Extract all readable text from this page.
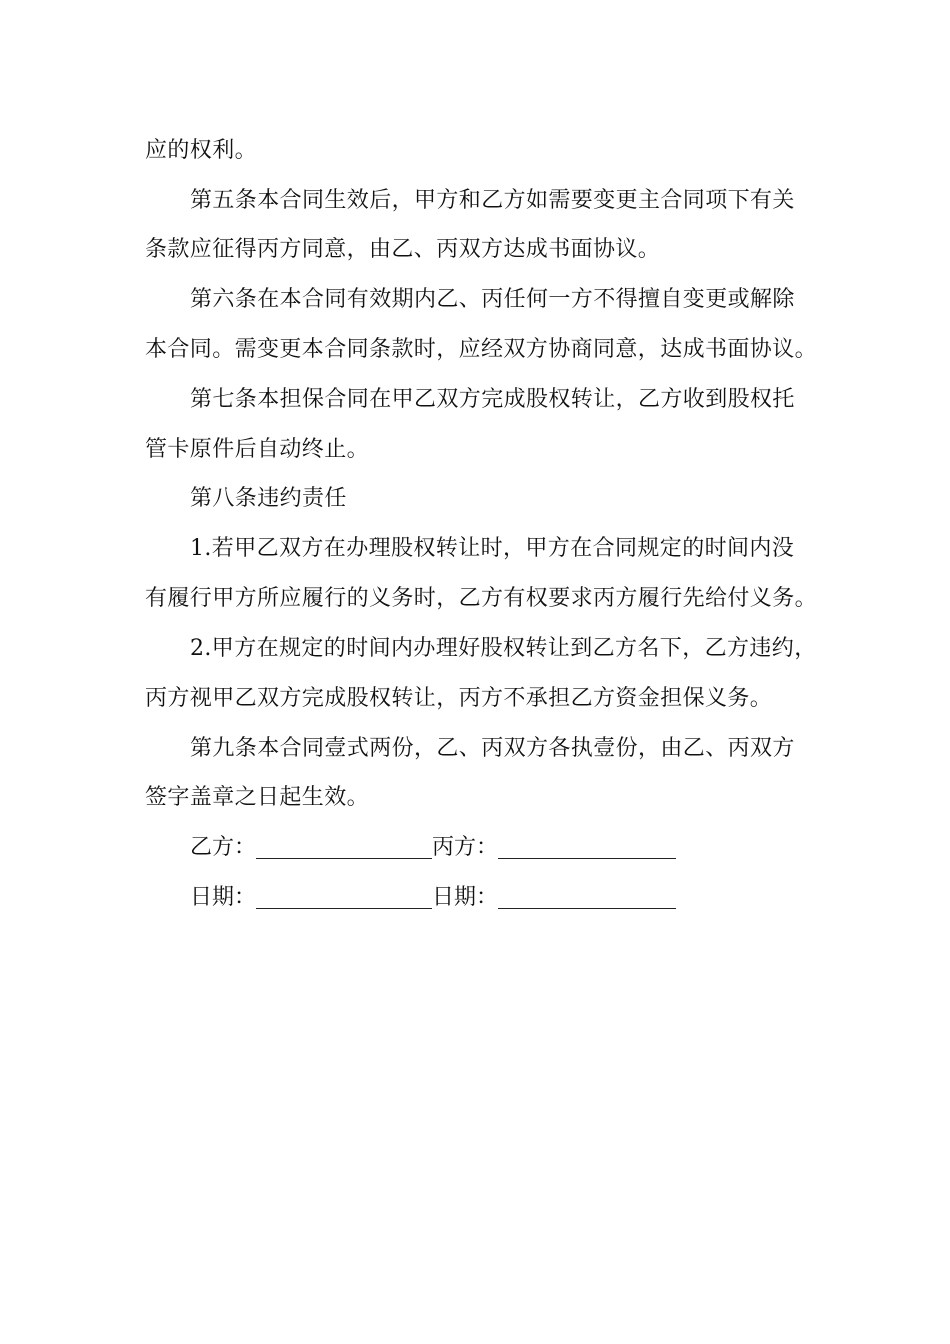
应的权利。
第五条本合同生效后，甲方和乙方如需要变更主合同项下有关
条款应征得丙方同意，由乙、丙双方达成书面协议。
第六条在本合同有效期内乙、丙任何一方不得擅自变更或解除
本合同。需变更本合同条款时，应经双方协商同意，达成书面协议。
第七条本担保合同在甲乙双方完成股权转让，乙方收到股权托
管卡原件后自动终止。
第八条违约责任
1.若甲乙双方在办理股权转让时，甲方在合同规定的时间内没
有履行甲方所应履行的义务时，乙方有权要求丙方履行先给付义务。
2.甲方在规定的时间内办理好股权转让到乙方名下，乙方违约，
丙方视甲乙双方完成股权转让，丙方不承担乙方资金担保义务。
第九条本合同壹式两份，乙、丙双方各执壹份，由乙、丙双方
签字盖章之日起生效。
乙方：	丙方：
日期：	日期：
